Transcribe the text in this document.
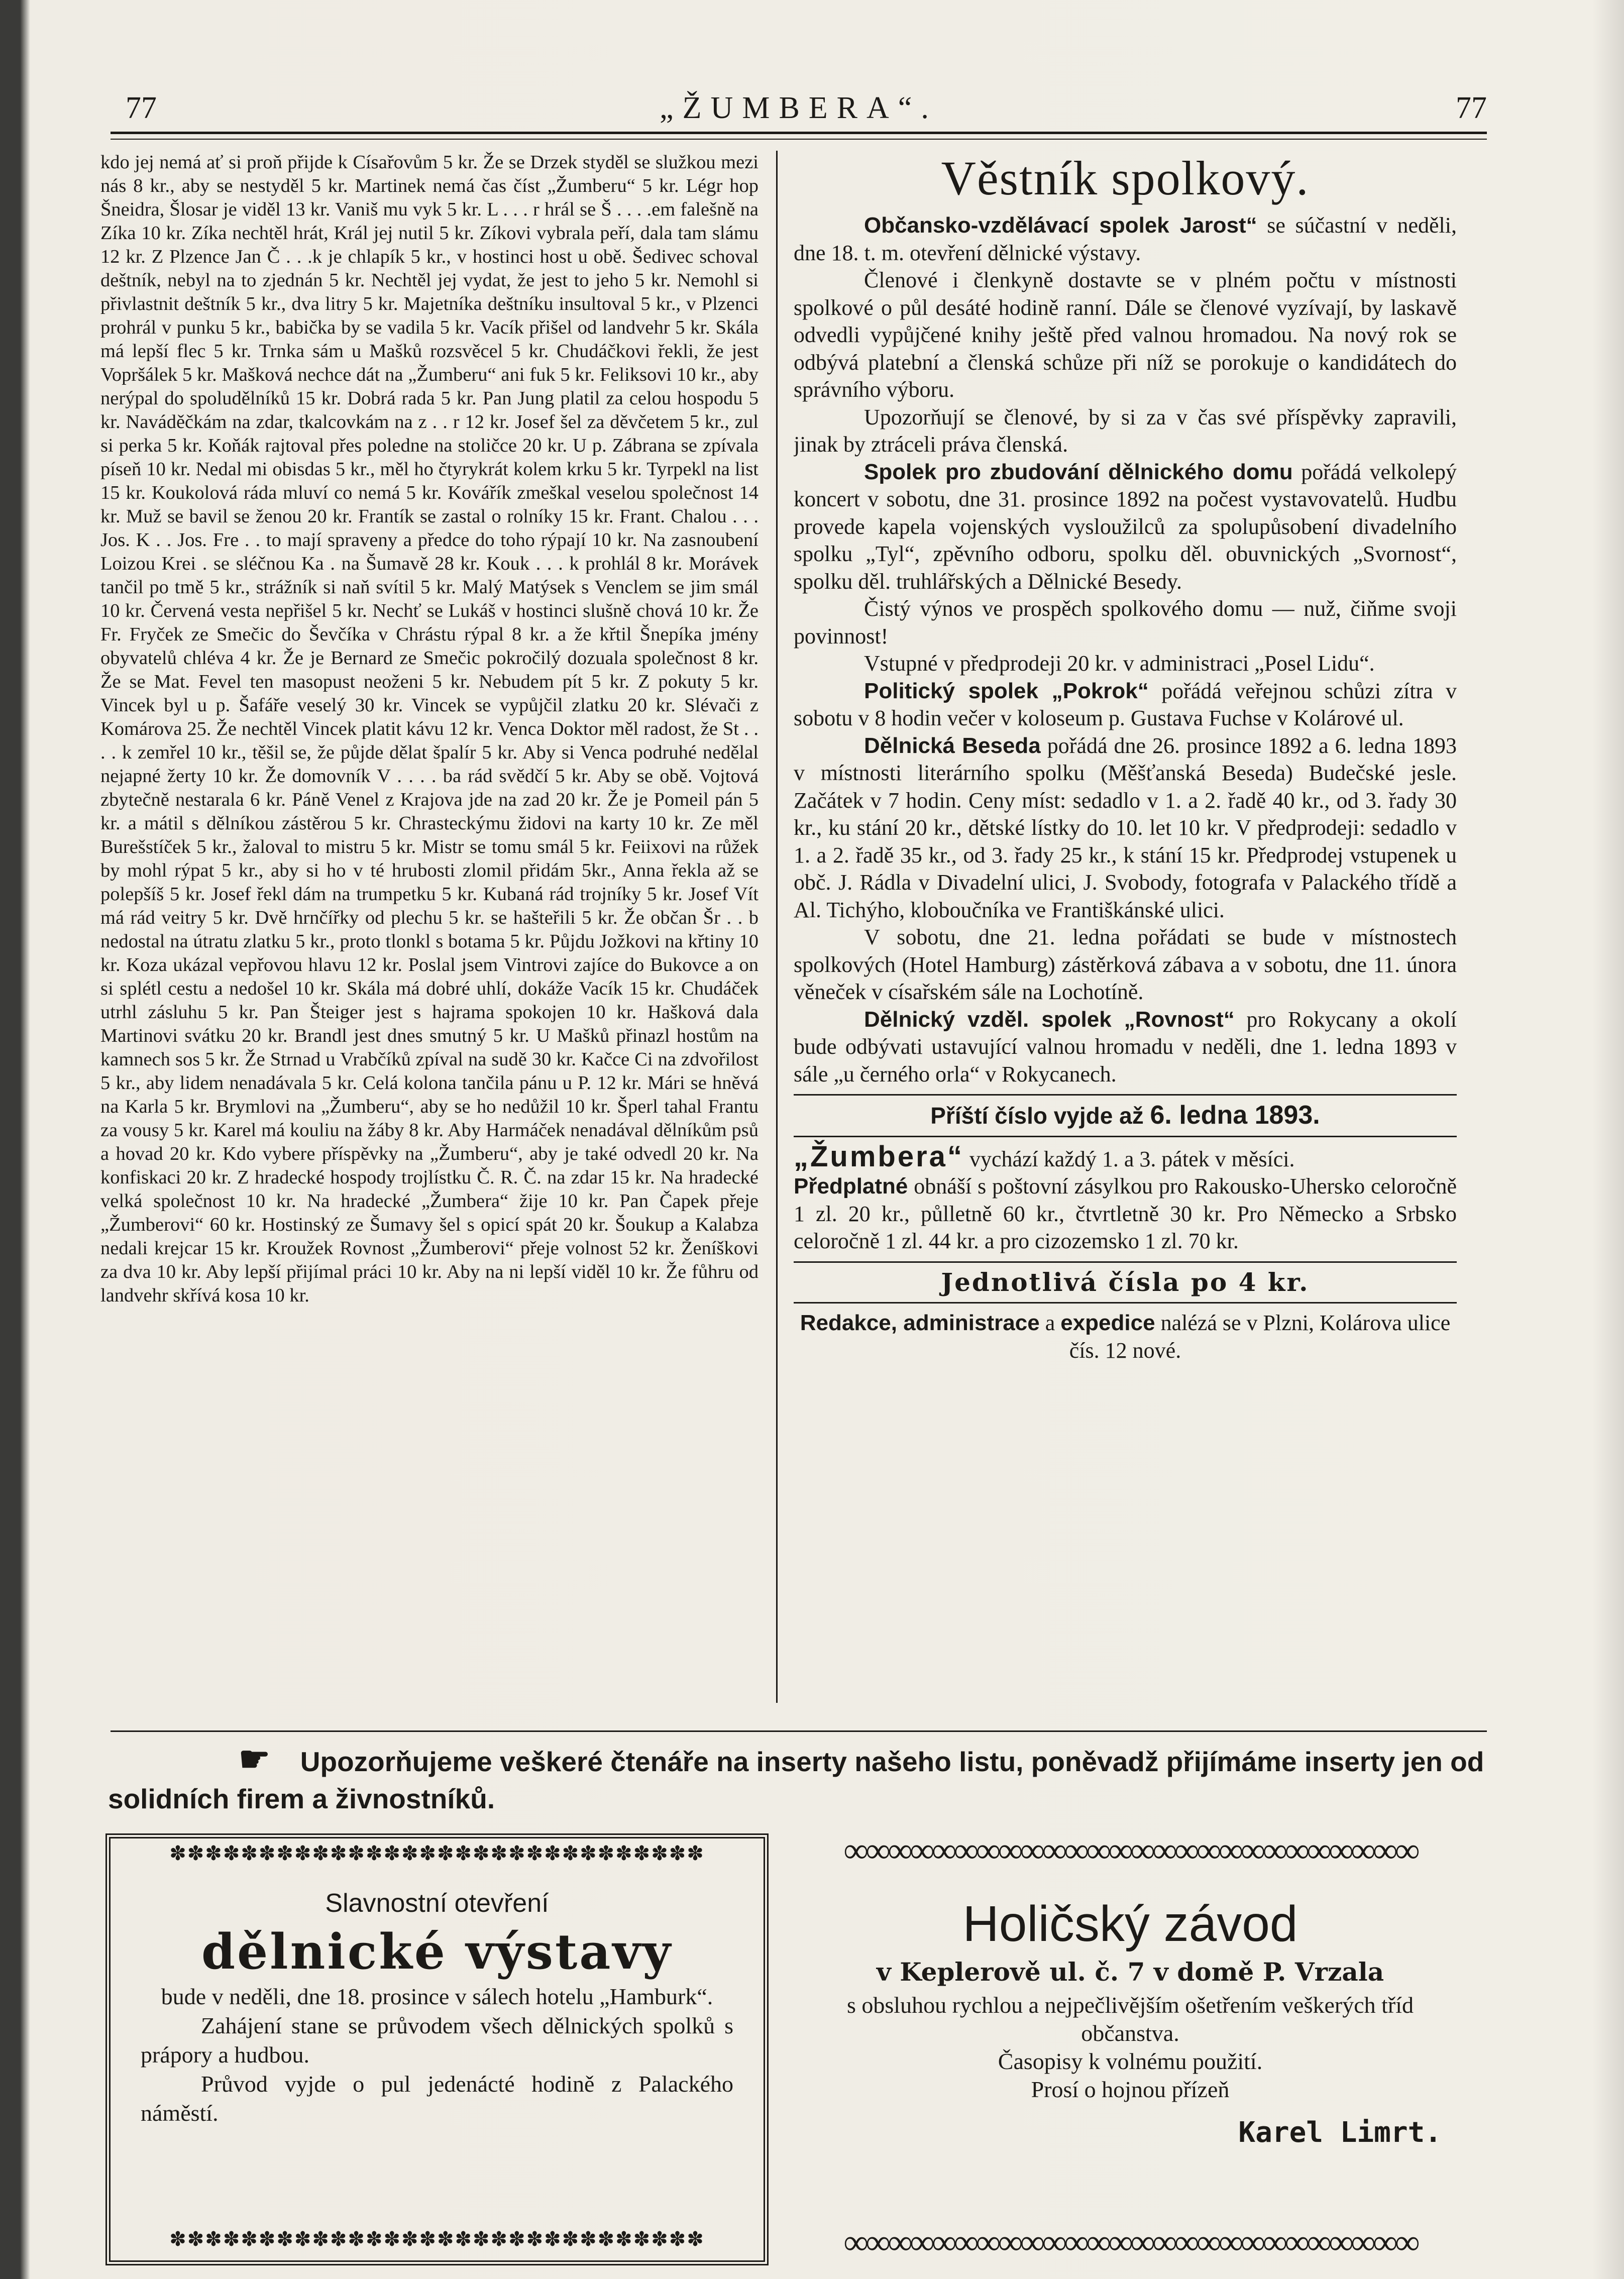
77	„ŽUMBERA“.	77

kdo jej nemá ať si proň přijde k Císařovům 5 kr. Že se Drzek styděl se služkou mezi nás 8 kr., aby se nestyděl 5 kr. Martinek nemá čas číst „Žumberu“ 5 kr. Légr hop Šneidra, Šlosar je viděl 13 kr. Vaniš mu vyk 5 kr. L . . . r hrál se Š . . . .em falešně na Zíka 10 kr. Zíka nechtěl hrát, Král jej nutil 5 kr. Zíkovi vybrala peří, dala tam slámu 12 kr. Z Plzence Jan Č . . .k je chlapík 5 kr., v hostinci host u obě. Šedivec schoval deštník, nebyl na to zjednán 5 kr. Nechtěl jej vydat, že jest to jeho 5 kr. Nemohl si přivlastnit deštník 5 kr., dva litry 5 kr. Majetníka deštníku insultoval 5 kr., v Plzenci prohrál v punku 5 kr., babička by se vadila 5 kr. Vacík přišel od landvehr 5 kr. Skála má lepší flec 5 kr. Trnka sám u Mašků rozsvěcel 5 kr. Chudáčkovi řekli, že jest Vopršálek 5 kr. Mašková nechce dát na „Žumberu“ ani fuk 5 kr. Feliksovi 10 kr., aby nerýpal do spoludělníků 15 kr. Dobrá rada 5 kr. Pan Jung platil za celou hospodu 5 kr. Naváděčkám na zdar, tkalcovkám na z . . r 12 kr. Josef šel za děvčetem 5 kr., zul si perka 5 kr. Koňák rajtoval přes poledne na stoličce 20 kr. U p. Zábrana se zpívala píseň 10 kr. Nedal mi obisdas 5 kr., měl ho čtyrykrát kolem krku 5 kr. Tyrpekl na list 15 kr. Koukolová ráda mluví co nemá 5 kr. Kovářík zmeškal veselou společnost 14 kr. Muž se bavil se ženou 20 kr. Frantík se zastal o rolníky 15 kr. Frant. Chalou . . . Jos. K . . Jos. Fre . . to mají spraveny a předce do toho rýpají 10 kr. Na zasnoubení Loizou Krei . se sléčnou Ka . na Šumavě 28 kr. Kouk . . . k prohlál 8 kr. Morávek tančil po tmě 5 kr., strážník si naň svítil 5 kr. Malý Matýsek s Venclem se jim smál 10 kr. Červená vesta nepřišel 5 kr. Nechť se Lukáš v hostinci slušně chová 10 kr. Že Fr. Fryček ze Smečic do Ševčíka v Chrástu rýpal 8 kr. a že křtil Šnepíka jmény obyvatelů chlévа 4 kr. Že je Bernard ze Smečic pokročilý dozuala společnost 8 kr. Že se Mat. Fevel ten masopust neoženi 5 kr. Nebudem pít 5 kr. Z pokuty 5 kr. Vincek byl u p. Šafáře veselý 30 kr. Vincek se vypůjčil zlatku 20 kr. Slévači z Komárova 25. Že nechtěl Vincek platit kávu 12 kr. Venca Doktor měl radost, že St . . . . k zemřel 10 kr., těšil se, že půjde dělat špalír 5 kr. Aby si Venca podruhé nedělal nejapné žerty 10 kr. Že domovník V . . . . ba rád svědčí 5 kr. Aby se obě. Vojtová zbytečně nestarala 6 kr. Páně Venel z Krajova jde na zad 20 kr. Že je Pomeil pán 5 kr. a mátil s dělníkou zástěrou 5 kr. Chrasteckýmu židovi na karty 10 kr. Ze měl Burešstíček 5 kr., žaloval to mistru 5 kr. Mistr se tomu smál 5 kr. Feiixovi na růžek by mohl rýpat 5 kr., aby si ho v té hrubosti zlomil přidám 5kr., Anna řekla až se polepšíš 5 kr. Josef řekl dám na trumpetku 5 kr. Kubaná rád trojníky 5 kr. Josef Vít má rád veitry 5 kr. Dvě hrnčířky od plechu 5 kr. se hašteřili 5 kr. Že občan Šr . . b nedostal na útratu zlatku 5 kr., proto tlonkl s botama 5 kr. Půjdu Jožkovi na křtiny 10 kr. Koza ukázal vepřovou hlavu 12 kr. Poslal jsem Vintrovi zajíce do Bukovce a on si splétl cestu a nedošel 10 kr. Skála má dobré uhlí, dokáže Vacík 15 kr. Chudáček utrhl zásluhu 5 kr. Pan Šteiger jest s hajrama spokojen 10 kr. Hašková dala Martinovi svátku 20 kr. Brandl jest dnes smutný 5 kr. U Mašků přinazl hostům na kamnech sos 5 kr. Že Strnad u Vrabčíků zpíval na sudě 30 kr. Kačce Ci na zdvořilost 5 kr., aby lidem nenadávala 5 kr. Celá kolona tančila pánu u P. 12 kr. Mári se hněvá na Karla 5 kr. Brymlovi na „Žumberu“, aby se ho nedůžil 10 kr. Šperl tahal Frantu za vousy 5 kr. Karel má kouliu na žáby 8 kr. Aby Harmáček nenadával dělníkům psů a hovad 20 kr. Kdo vybere příspěvky na „Žumberu“, aby je také odvedl 20 kr. Na konfiskaci 20 kr. Z hradecké hospody trojlístku Č. R. Č. na zdar 15 kr. Na hradecké velká společnost 10 kr. Na hradecké „Žumbera“ žije 10 kr. Pan Čapek přeje „Žumberovi“ 60 kr. Hostinský ze Šumavy šel s opicí spát 20 kr. Šoukup a Kalabza nedali krejcar 15 kr. Kroužek Rovnost „Žumberovi“ přeje volnost 52 kr. Ženíškovi za dva 10 kr. Aby lepší přijímal práci 10 kr. Aby na ni lepší viděl 10 kr. Že fůhru od landvehr skřívá kosa 10 kr.

Věstník spolkový.

Občansko-vzdělávací spolek Jarost“ se súčastní v neděli, dne 18. t. m. otevření dělnické výstavy.

Členové i členkyně dostavte se v plném počtu v místnosti spolkové o půl desáté hodině ranní. Dále se členové vyzívají, by laskavě odvedli vypůjčené knihy ještě před valnou hromadou. Na nový rok se odbývá platební a členská schůze při níž se porokuje o kandidátech do správního výboru.

Upozorňují se členové, by si za v čas své příspěvky zapravili, jinak by ztráceli práva členská.

Spolek pro zbudování dělnického domu pořádá velkolepý koncert v sobotu, dne 31. prosince 1892 na počest vystavovatelů. Hudbu provede kapela vojenských vysloužilců za spolupůsobení divadelního spolku „Tyl“, zpěvního odboru, spolku děl. obuvnických „Svornost“, spolku děl. truhlářských a Dělnické Besedy.

Čistý výnos ve prospěch spolkového domu — nuž, čiňme svoji povinnost!

Vstupné v předprodeji 20 kr. v administraci „Posel Lidu“.

Politický spolek „Pokrok“ pořádá veřejnou schůzi zítra v sobotu v 8 hodin večer v koloseum p. Gustava Fuchse v Kolárové ul.

Dělnická Beseda pořádá dne 26. prosince 1892 a 6. ledna 1893 v místnosti literárního spolku (Měšťanská Beseda) Budečské jesle. Začátek v 7 hodin. Ceny míst: sedadlo v 1. a 2. řadě 40 kr., od 3. řady 30 kr., ku stání 20 kr., dětské lístky do 10. let 10 kr. V předprodeji: sedadlo v 1. a 2. řadě 35 kr., od 3. řady 25 kr., k stání 15 kr. Předprodej vstupenek u obč. J. Rádla v Divadelní ulici, J. Svobody, fotografa v Palackého třídě a Al. Tichýho, kloboučníka ve Františkánské ulici.

V sobotu, dne 21. ledna pořádati se bude v místnostech spolkových (Hotel Hamburg) zástěrková zábava a v sobotu, dne 11. února věneček v císařském sále na Lochotíně.

Dělnický vzděl. spolek „Rovnost“ pro Rokycany a okolí bude odbývati ustavující valnou hromadu v neděli, dne 1. ledna 1893 v sále „u černého orla“ v Rokycanech.

Příští číslo vyjde až 6. ledna 1893.

„Žumbera“ vychází každý 1. a 3. pátek v měsíci.

Předplatné obnáší s poštovní zásylkou pro Rakousko-Uhersko celoročně 1 zl. 20 kr., půlletně 60 kr., čtvrtletně 30 kr. Pro Německo a Srbsko celoročně 1 zl. 44 kr. a pro cizozemsko 1 zl. 70 kr.

Jednotlivá čísla po 4 kr.

Redakce, administrace a expedice nalézá se v Plzni, Kolárova ulice čís. 12 nové.

☛ Upozorňujeme veškeré čtenáře na inserty našeho listu, poněvadž přijímáme inserty jen od solidních firem a živnostníků.
✽✽✽✽✽✽✽✽✽✽✽✽✽✽✽✽✽✽✽✽✽✽✽✽✽✽✽✽✽✽
Slavnostní otevření
dělnické výstavy

bude v neděli, dne 18. prosince v sálech hotelu „Hamburk“.

Zahájení stane se průvodem všech dělnických spolků s prápory a hudbou.

Průvod vyjde o pul jedenácté hodině z Palackého náměstí.

✽✽✽✽✽✽✽✽✽✽✽✽✽✽✽✽✽✽✽✽✽✽✽✽✽✽✽✽✽✽
∞∞∞∞∞∞∞∞∞∞∞∞∞∞∞∞∞∞∞∞∞∞∞∞∞∞
Holičský závod
v Keplerově ul. č. 7 v domě P. Vrzala
s obsluhou rychlou a nejpečlivějším ošetřením veškerých tříd občanstva.
Časopisy k volnému použití.
Prosí o hojnou přízeň
Karel Limrt.
∞∞∞∞∞∞∞∞∞∞∞∞∞∞∞∞∞∞∞∞∞∞∞∞∞∞
